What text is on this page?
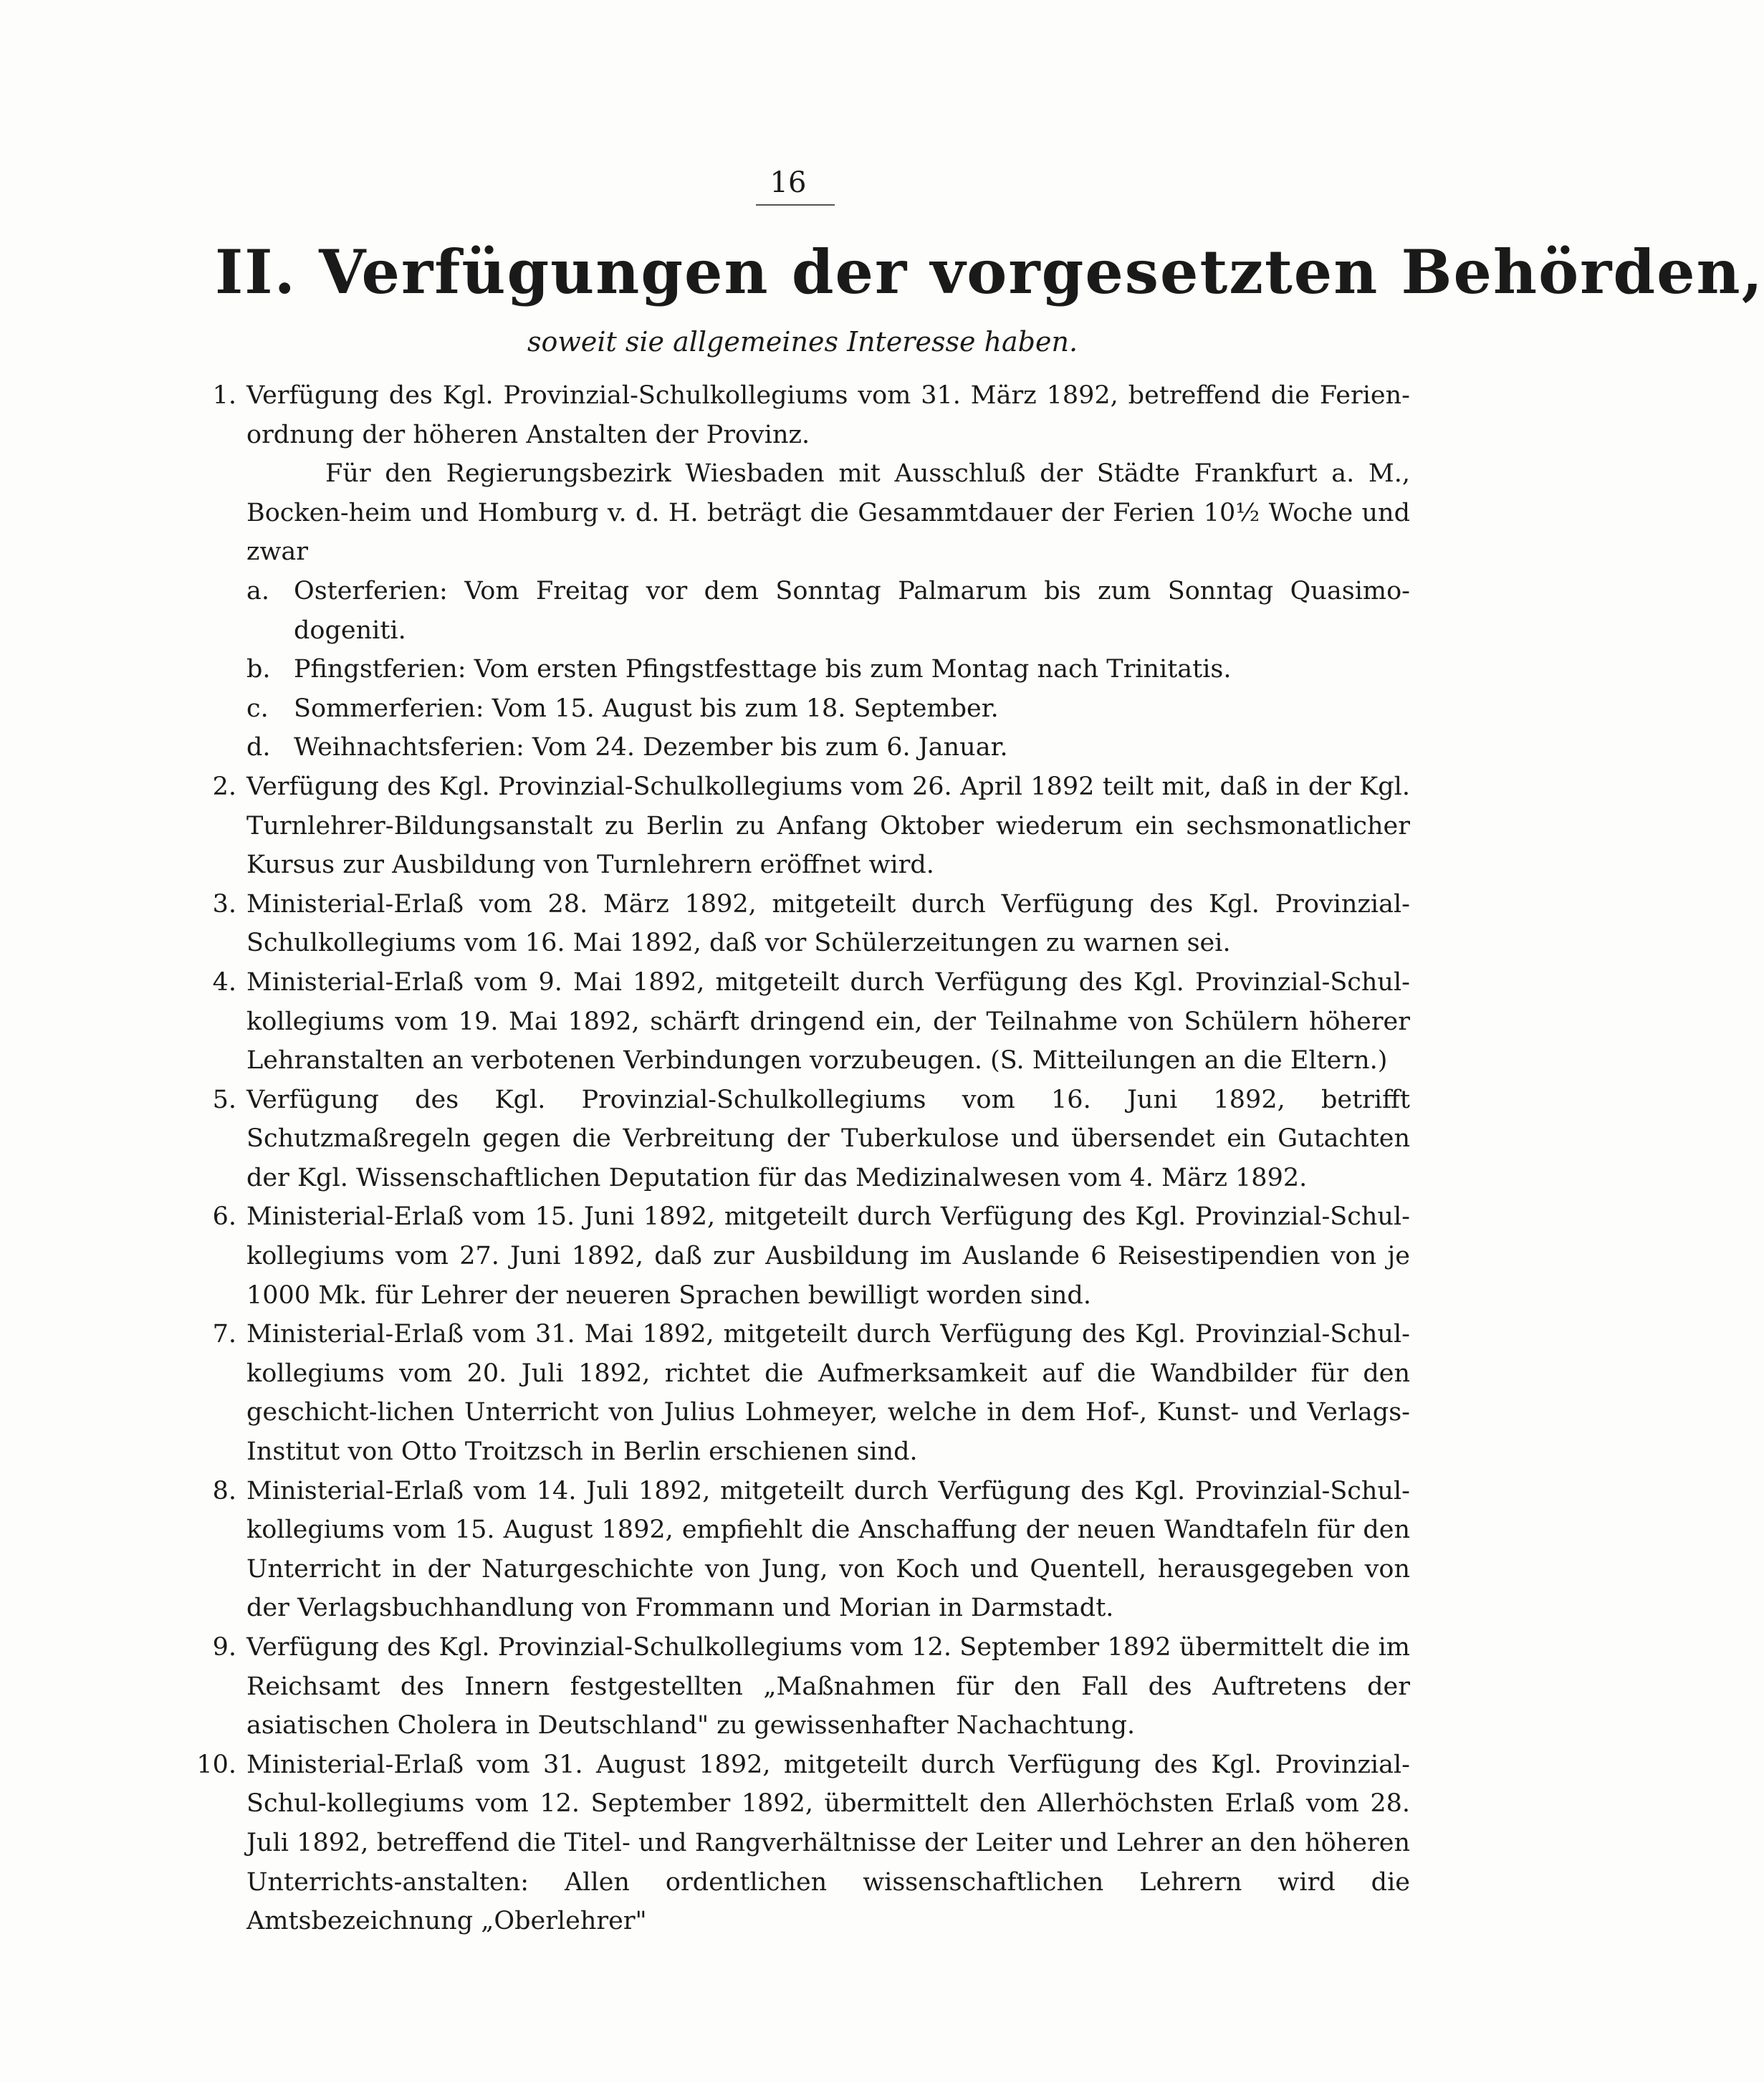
16
II. Verfügungen der vorgesetzten Behörden,
soweit sie allgemeines Interesse haben.
1. Verfügung des Kgl. Provinzial-Schulkollegiums vom 31. März 1892, betreffend die Ferien-ordnung der höheren Anstalten der Provinz.
Für den Regierungsbezirk Wiesbaden mit Ausschluß der Städte Frankfurt a. M., Bocken-heim und Homburg v. d. H. beträgt die Gesammtdauer der Ferien 10½ Woche und zwar
a. Osterferien: Vom Freitag vor dem Sonntag Palmarum bis zum Sonntag Quasimo-dogeniti.
b. Pfingstferien: Vom ersten Pfingstfesttage bis zum Montag nach Trinitatis.
c. Sommerferien: Vom 15. August bis zum 18. September.
d. Weihnachtsferien: Vom 24. Dezember bis zum 6. Januar.
2. Verfügung des Kgl. Provinzial-Schulkollegiums vom 26. April 1892 teilt mit, daß in der Kgl. Turnlehrer-Bildungsanstalt zu Berlin zu Anfang Oktober wiederum ein sechsmonatlicher Kursus zur Ausbildung von Turnlehrern eröffnet wird.
3. Ministerial-Erlaß vom 28. März 1892, mitgeteilt durch Verfügung des Kgl. Provinzial-Schulkollegiums vom 16. Mai 1892, daß vor Schülerzeitungen zu warnen sei.
4. Ministerial-Erlaß vom 9. Mai 1892, mitgeteilt durch Verfügung des Kgl. Provinzial-Schul-kollegiums vom 19. Mai 1892, schärft dringend ein, der Teilnahme von Schülern höherer Lehranstalten an verbotenen Verbindungen vorzubeugen. (S. Mitteilungen an die Eltern.)
5. Verfügung des Kgl. Provinzial-Schulkollegiums vom 16. Juni 1892, betrifft Schutzmaßregeln gegen die Verbreitung der Tuberkulose und übersendet ein Gutachten der Kgl. Wissenschaftlichen Deputation für das Medizinalwesen vom 4. März 1892.
6. Ministerial-Erlaß vom 15. Juni 1892, mitgeteilt durch Verfügung des Kgl. Provinzial-Schul-kollegiums vom 27. Juni 1892, daß zur Ausbildung im Auslande 6 Reisestipendien von je 1000 Mk. für Lehrer der neueren Sprachen bewilligt worden sind.
7. Ministerial-Erlaß vom 31. Mai 1892, mitgeteilt durch Verfügung des Kgl. Provinzial-Schul-kollegiums vom 20. Juli 1892, richtet die Aufmerksamkeit auf die Wandbilder für den geschicht-lichen Unterricht von Julius Lohmeyer, welche in dem Hof-, Kunst- und Verlags-Institut von Otto Troitzsch in Berlin erschienen sind.
8. Ministerial-Erlaß vom 14. Juli 1892, mitgeteilt durch Verfügung des Kgl. Provinzial-Schul-kollegiums vom 15. August 1892, empfiehlt die Anschaffung der neuen Wandtafeln für den Unterricht in der Naturgeschichte von Jung, von Koch und Quentell, herausgegeben von der Verlagsbuchhandlung von Frommann und Morian in Darmstadt.
9. Verfügung des Kgl. Provinzial-Schulkollegiums vom 12. September 1892 übermittelt die im Reichsamt des Innern festgestellten „Maßnahmen für den Fall des Auftretens der asiatischen Cholera in Deutschland" zu gewissenhafter Nachachtung.
10. Ministerial-Erlaß vom 31. August 1892, mitgeteilt durch Verfügung des Kgl. Provinzial-Schul-kollegiums vom 12. September 1892, übermittelt den Allerhöchsten Erlaß vom 28. Juli 1892, betreffend die Titel- und Rangverhältnisse der Leiter und Lehrer an den höheren Unterrichts-anstalten: Allen ordentlichen wissenschaftlichen Lehrern wird die Amtsbezeichnung „Oberlehrer"
